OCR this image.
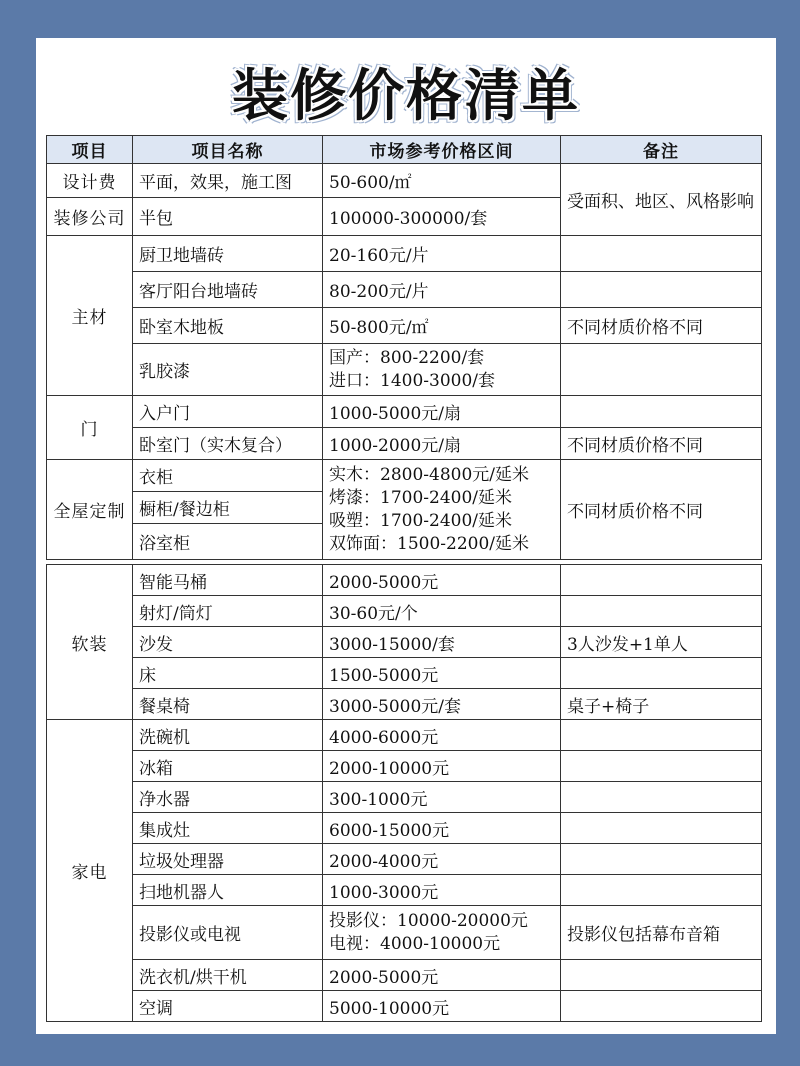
装修价格清单
项目	项目名称	市场参考价格区间	备注
设计费	平面，效果，施工图	50-600/㎡	受面积、地区、风格影响
装修公司	半包	100000-300000/套	
主材	厨卫地墙砖	20-160元/片	
	客厅阳台地墙砖	80-200元/片	
	卧室木地板	50-800元/㎡	不同材质价格不同
	乳胶漆	国产：800-2200/套
进口：1400-3000/套	

门	入户门	1000-5000元/扇	
	卧室门（实木复合）	1000-2000元/扇	不同材质价格不同
全屋定制	衣柜	实木：2800-4800元/延米
烤漆：1700-2400/延米
吸塑：1700-2400/延米
双饰面：1500-2200/延米	不同材质价格不同
	橱柜/餐边柜		
	浴室柜		
软装	智能马桶	2000-5000元	
	射灯/筒灯	30-60元/个	
	沙发	3000-15000/套	3人沙发+1单人
	床	1500-5000元	
	餐桌椅	3000-5000元/套	桌子+椅子
家电	洗碗机	4000-6000元	
	冰箱	2000-10000元	
	净水器	300-1000元	
	集成灶	6000-15000元	
	垃圾处理器	2000-4000元	
	扫地机器人	1000-3000元	
	投影仪或电视	投影仪：10000-20000元
电视：4000-10000元	投影仪包括幕布音箱
	洗衣机/烘干机	2000-5000元	
	空调	5000-10000元	
